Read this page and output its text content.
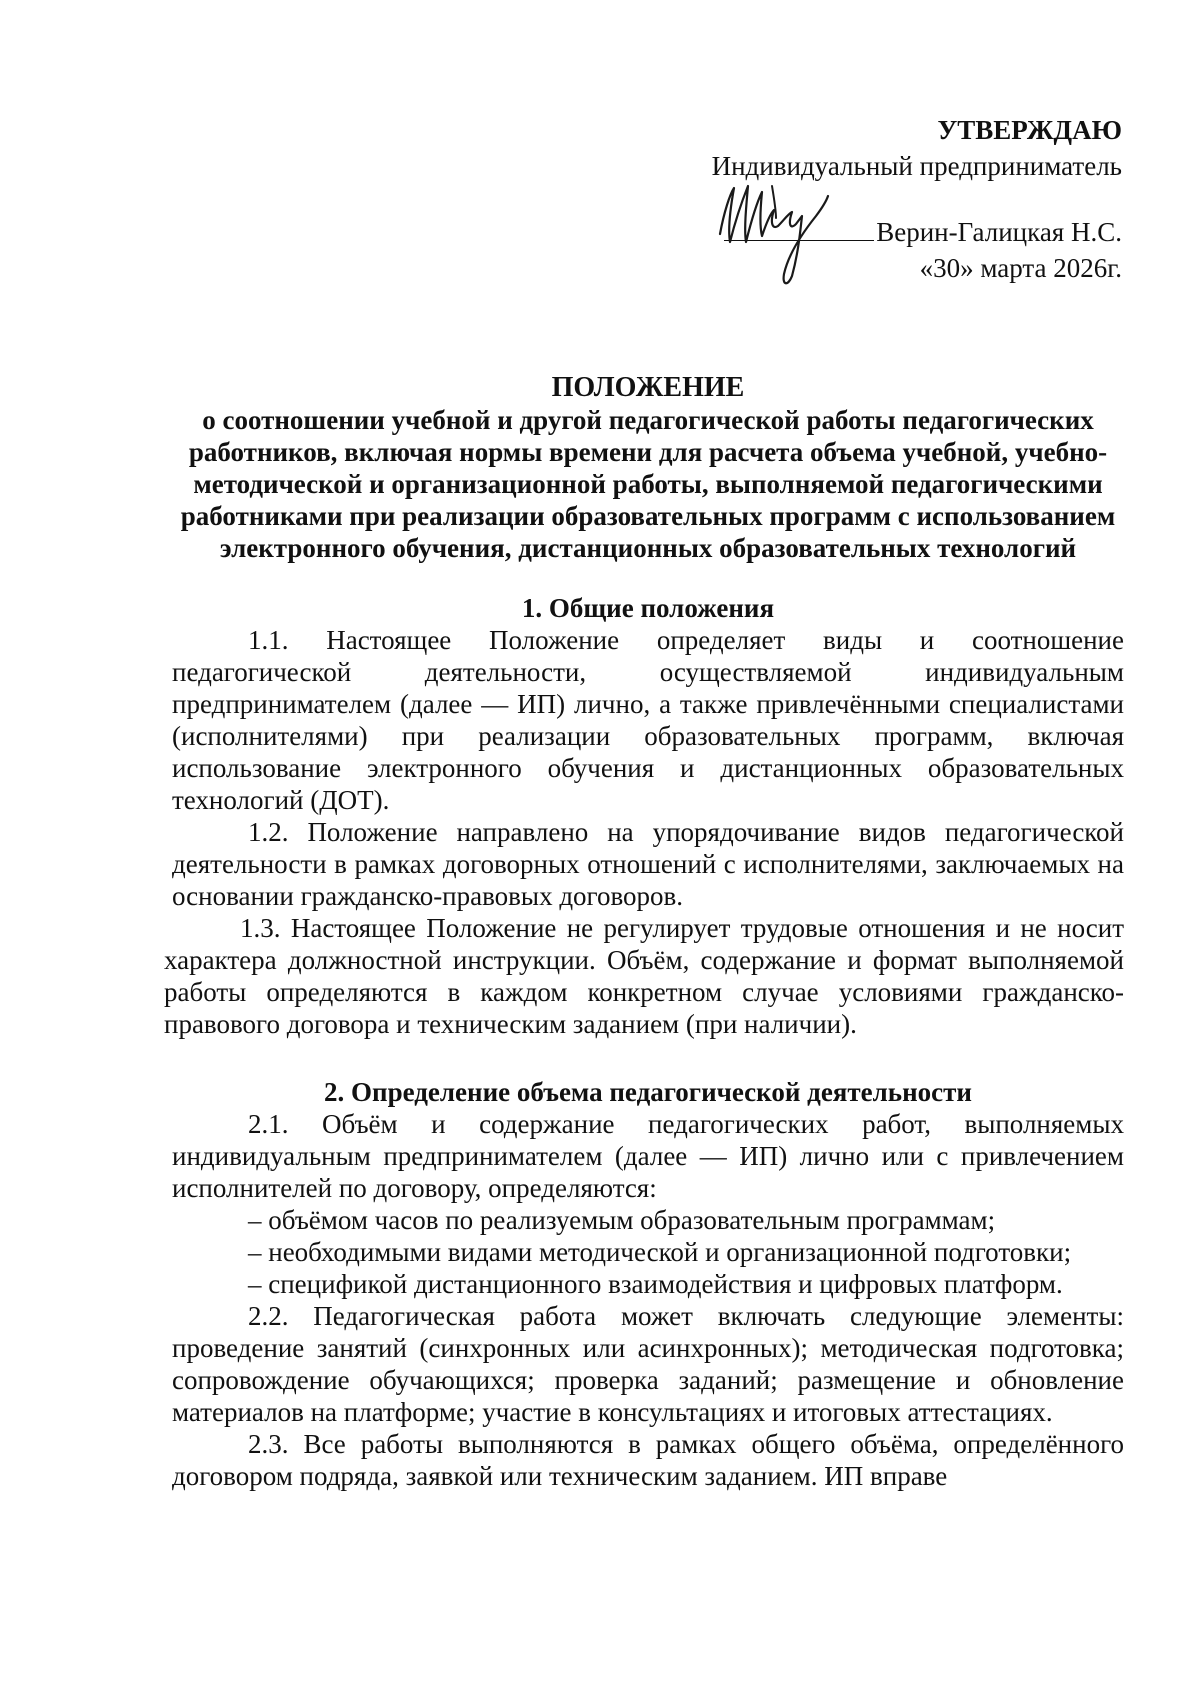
УТВЕРЖДАЮ
Индивидуальный предприниматель
Верин-Галицкая Н.С.
«30» марта 2026г.
ПОЛОЖЕНИЕ
о соотношении учебной и другой педагогической работы педагогических работников, включая нормы времени для расчета объема учебной, учебно-методической и организационной работы, выполняемой педагогическими работниками при реализации образовательных программ с использованием электронного обучения, дистанционных образовательных технологий
1. Общие положения

1.1. Настоящее Положение определяет виды и соотношение педагогической деятельности, осуществляемой индивидуальным предпринимателем (далее — ИП) лично, а также привлечёнными специалистами (исполнителями) при реализации образовательных программ, включая использование электронного обучения и дистанционных образовательных технологий (ДОТ).

1.2. Положение направлено на упорядочивание видов педагогической деятельности в рамках договорных отношений с исполнителями, заключаемых на основании гражданско-правовых договоров.

1.3. Настоящее Положение не регулирует трудовые отношения и не носит характера должностной инструкции. Объём, содержание и формат выполняемой работы определяются в каждом конкретном случае условиями гражданско-правового договора и техническим заданием (при наличии).

2. Определение объема педагогической деятельности

2.1. Объём и содержание педагогических работ, выполняемых индивидуальным предпринимателем (далее — ИП) лично или с привлечением исполнителей по договору, определяются:

– объёмом часов по реализуемым образовательным программам;

– необходимыми видами методической и организационной подготовки;

– спецификой дистанционного взаимодействия и цифровых платформ.

2.2. Педагогическая работа может включать следующие элементы: проведение занятий (синхронных или асинхронных); методическая подготовка; сопровождение обучающихся; проверка заданий; размещение и обновление материалов на платформе; участие в консультациях и итоговых аттестациях.

2.3. Все работы выполняются в рамках общего объёма, определённого договором подряда, заявкой или техническим заданием. ИП вправе
